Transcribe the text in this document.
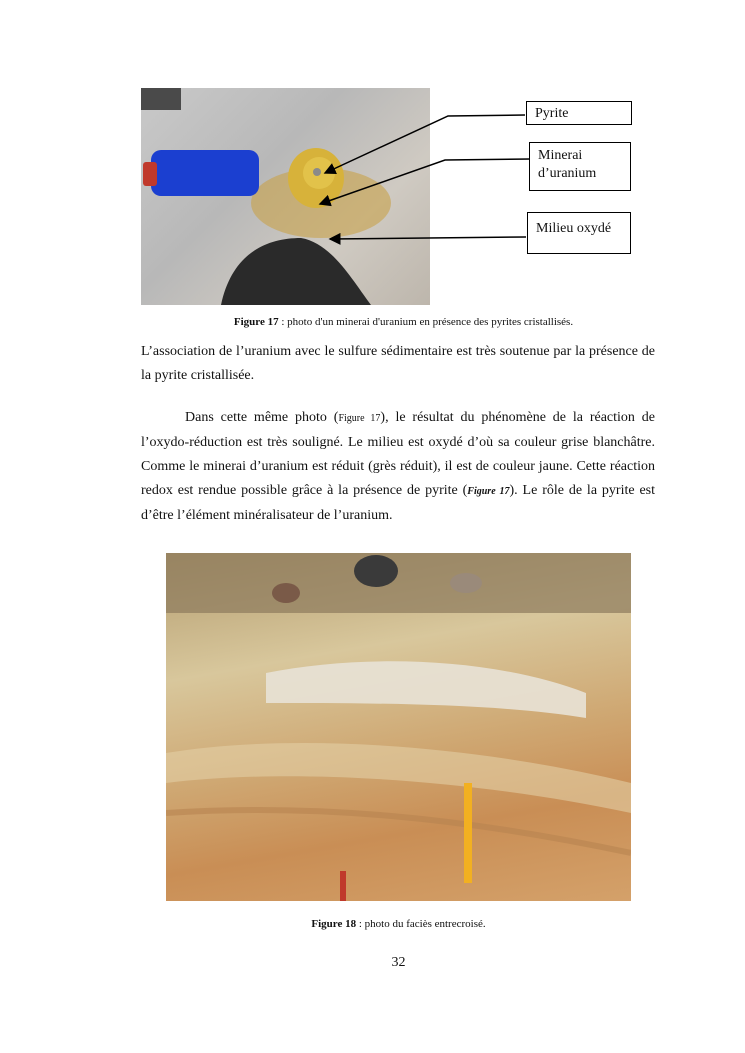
Pyrite
Minerai d’uranium
Milieu oxydé
Figure 17 : photo d'un minerai d'uranium en présence des pyrites cristallisés.
L’association de l’uranium avec le sulfure sédimentaire est très soutenue par la présence de la pyrite cristallisée.
Dans cette même photo (Figure 17), le résultat du phénomène de la réaction de l’oxydo-réduction est très souligné. Le milieu est oxydé d’où sa couleur grise blanchâtre. Comme le minerai d’uranium est réduit (grès réduit), il est de couleur jaune. Cette réaction redox est rendue possible grâce à la présence de pyrite (Figure 17). Le rôle de la pyrite est d’être l’élément minéralisateur de l’uranium.
Figure 18 : photo du faciès entrecroisé.
32
